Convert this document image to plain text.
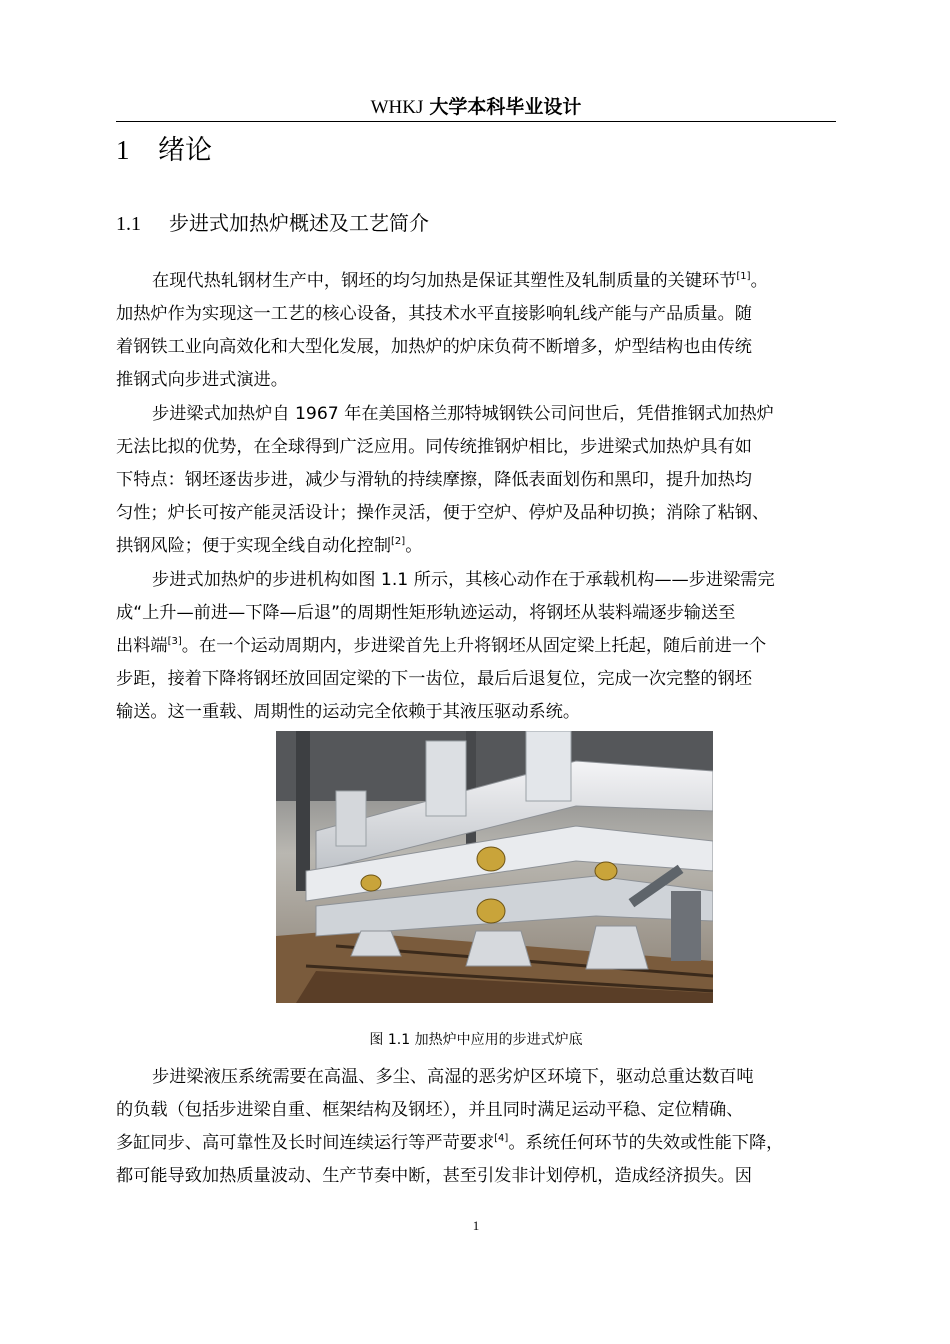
WHKJ 大学本科毕业设计
1 绪论
1.1 步进式加热炉概述及工艺简介
在现代热轧钢材生产中，钢坯的均匀加热是保证其塑性及轧制质量的关键环节[1]。
加热炉作为实现这一工艺的核心设备，其技术水平直接影响轧线产能与产品质量。随
着钢铁工业向高效化和大型化发展，加热炉的炉床负荷不断增多，炉型结构也由传统
推钢式向步进式演进。
步进梁式加热炉自 1967 年在美国格兰那特城钢铁公司问世后，凭借推钢式加热炉
无法比拟的优势，在全球得到广泛应用。同传统推钢炉相比，步进梁式加热炉具有如
下特点：钢坯逐齿步进，减少与滑轨的持续摩擦，降低表面划伤和黑印，提升加热均
匀性；炉长可按产能灵活设计；操作灵活，便于空炉、停炉及品种切换；消除了粘钢、
拱钢风险；便于实现全线自动化控制[2]。
步进式加热炉的步进机构如图 1.1 所示，其核心动作在于承载机构——步进梁需完
成“上升—前进—下降—后退”的周期性矩形轨迹运动，将钢坯从装料端逐步输送至
出料端[3]。在一个运动周期内，步进梁首先上升将钢坯从固定梁上托起，随后前进一个
步距，接着下降将钢坯放回固定梁的下一齿位，最后后退复位，完成一次完整的钢坯
输送。这一重载、周期性的运动完全依赖于其液压驱动系统。
图 1.1 加热炉中应用的步进式炉底
步进梁液压系统需要在高温、多尘、高湿的恶劣炉区环境下，驱动总重达数百吨
的负载（包括步进梁自重、框架结构及钢坯），并且同时满足运动平稳、定位精确、
多缸同步、高可靠性及长时间连续运行等严苛要求[4]。系统任何环节的失效或性能下降，
都可能导致加热质量波动、生产节奏中断，甚至引发非计划停机，造成经济损失。因
1
